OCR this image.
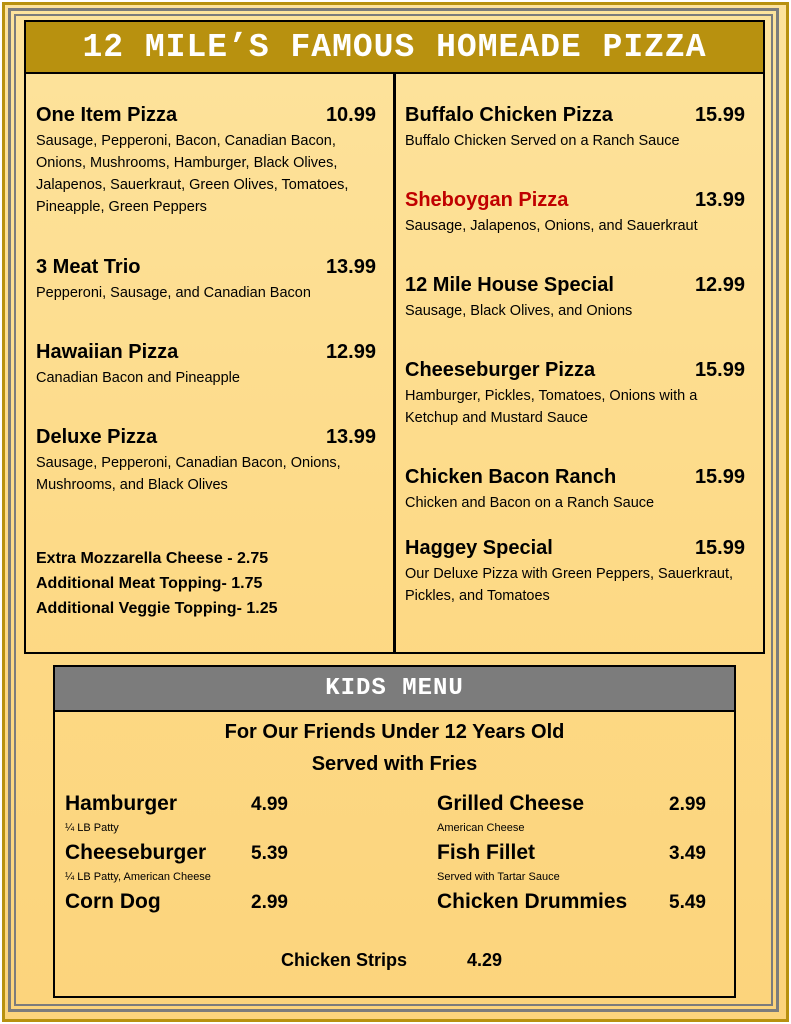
12 MILE’S FAMOUS HOMEADE PIZZA
One Item Pizza	10.99
Sausage, Pepperoni, Bacon, Canadian Bacon, Onions, Mushrooms, Hamburger, Black Olives, Jalapenos, Sauerkraut, Green Olives, Tomatoes, Pineapple, Green Peppers
3 Meat Trio	13.99
Pepperoni, Sausage, and Canadian Bacon
Hawaiian Pizza	12.99
Canadian Bacon and Pineapple
Deluxe Pizza	13.99
Sausage, Pepperoni, Canadian Bacon, Onions, Mushrooms, and Black Olives
Extra Mozzarella Cheese - 2.75
Additional Meat Topping- 1.75
Additional Veggie Topping- 1.25
Buffalo Chicken Pizza	15.99
Buffalo Chicken Served on a Ranch Sauce
Sheboygan Pizza	13.99
Sausage, Jalapenos, Onions, and Sauerkraut
12 Mile House Special	12.99
Sausage, Black Olives, and Onions
Cheeseburger Pizza	15.99
Hamburger, Pickles, Tomatoes, Onions with a Ketchup and Mustard Sauce
Chicken Bacon Ranch	15.99
Chicken and Bacon on a Ranch Sauce
Haggey Special	15.99
Our Deluxe Pizza with Green Peppers, Sauerkraut, Pickles, and Tomatoes
KIDS MENU
For Our Friends Under 12 Years Old
Served with Fries
Hamburger	4.99
¼ LB Patty
Cheeseburger 5.39
¼ LB Patty, American Cheese
Corn Dog	2.99
Grilled Cheese	2.99
American Cheese
Fish Fillet	3.49
Served with Tartar Sauce
Chicken Drummies 5.49
Chicken Strips	4.29
